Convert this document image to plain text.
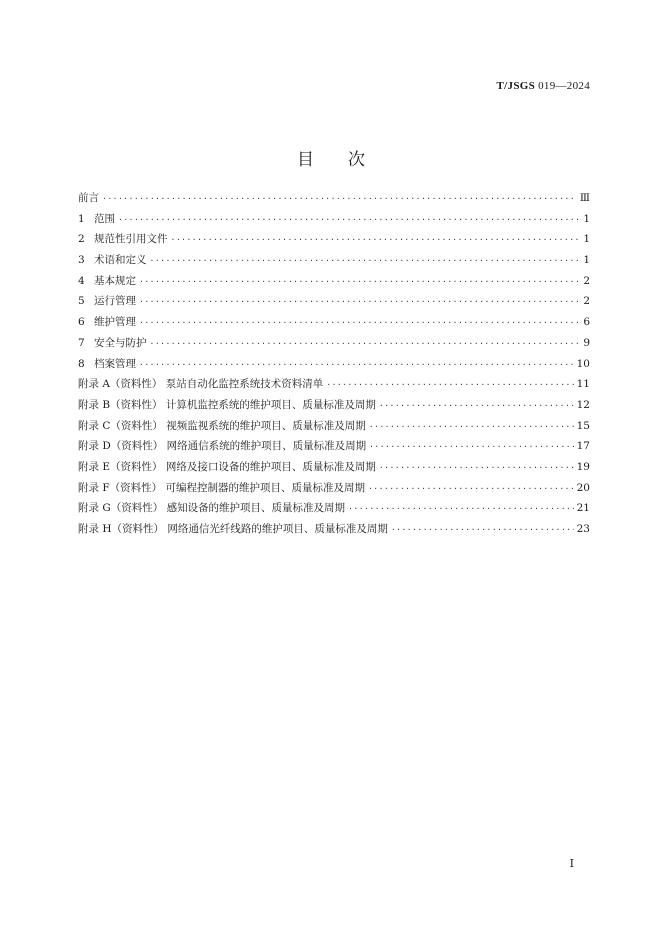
T/JSGS 019—2024
目次
前言 ·····	Ⅲ
1 范围 ·····	1
2 规范性引用文件 ·····	1
3 术语和定义 ·····	1
4 基本规定 ·····	2
5 运行管理 ·····	2
6 维护管理 ·····	6
7 安全与防护 ·····	9
8 档案管理 ·····	10
附录 A（资料性） 泵站自动化监控系统技术资料清单 ·····	11
附录 B（资料性） 计算机监控系统的维护项目、质量标准及周期 ·····	12
附录 C（资料性） 视频监视系统的维护项目、质量标准及周期 ·····	15
附录 D（资料性） 网络通信系统的维护项目、质量标准及周期 ·····	17
附录 E（资料性） 网络及接口设备的维护项目、质量标准及周期 ·····	19
附录 F（资料性） 可编程控制器的维护项目、质量标准及周期 ·····	20
附录 G（资料性） 感知设备的维护项目、质量标准及周期 ·····	21
附录 H（资料性） 网络通信光纤线路的维护项目、质量标准及周期 ·····	23
I
